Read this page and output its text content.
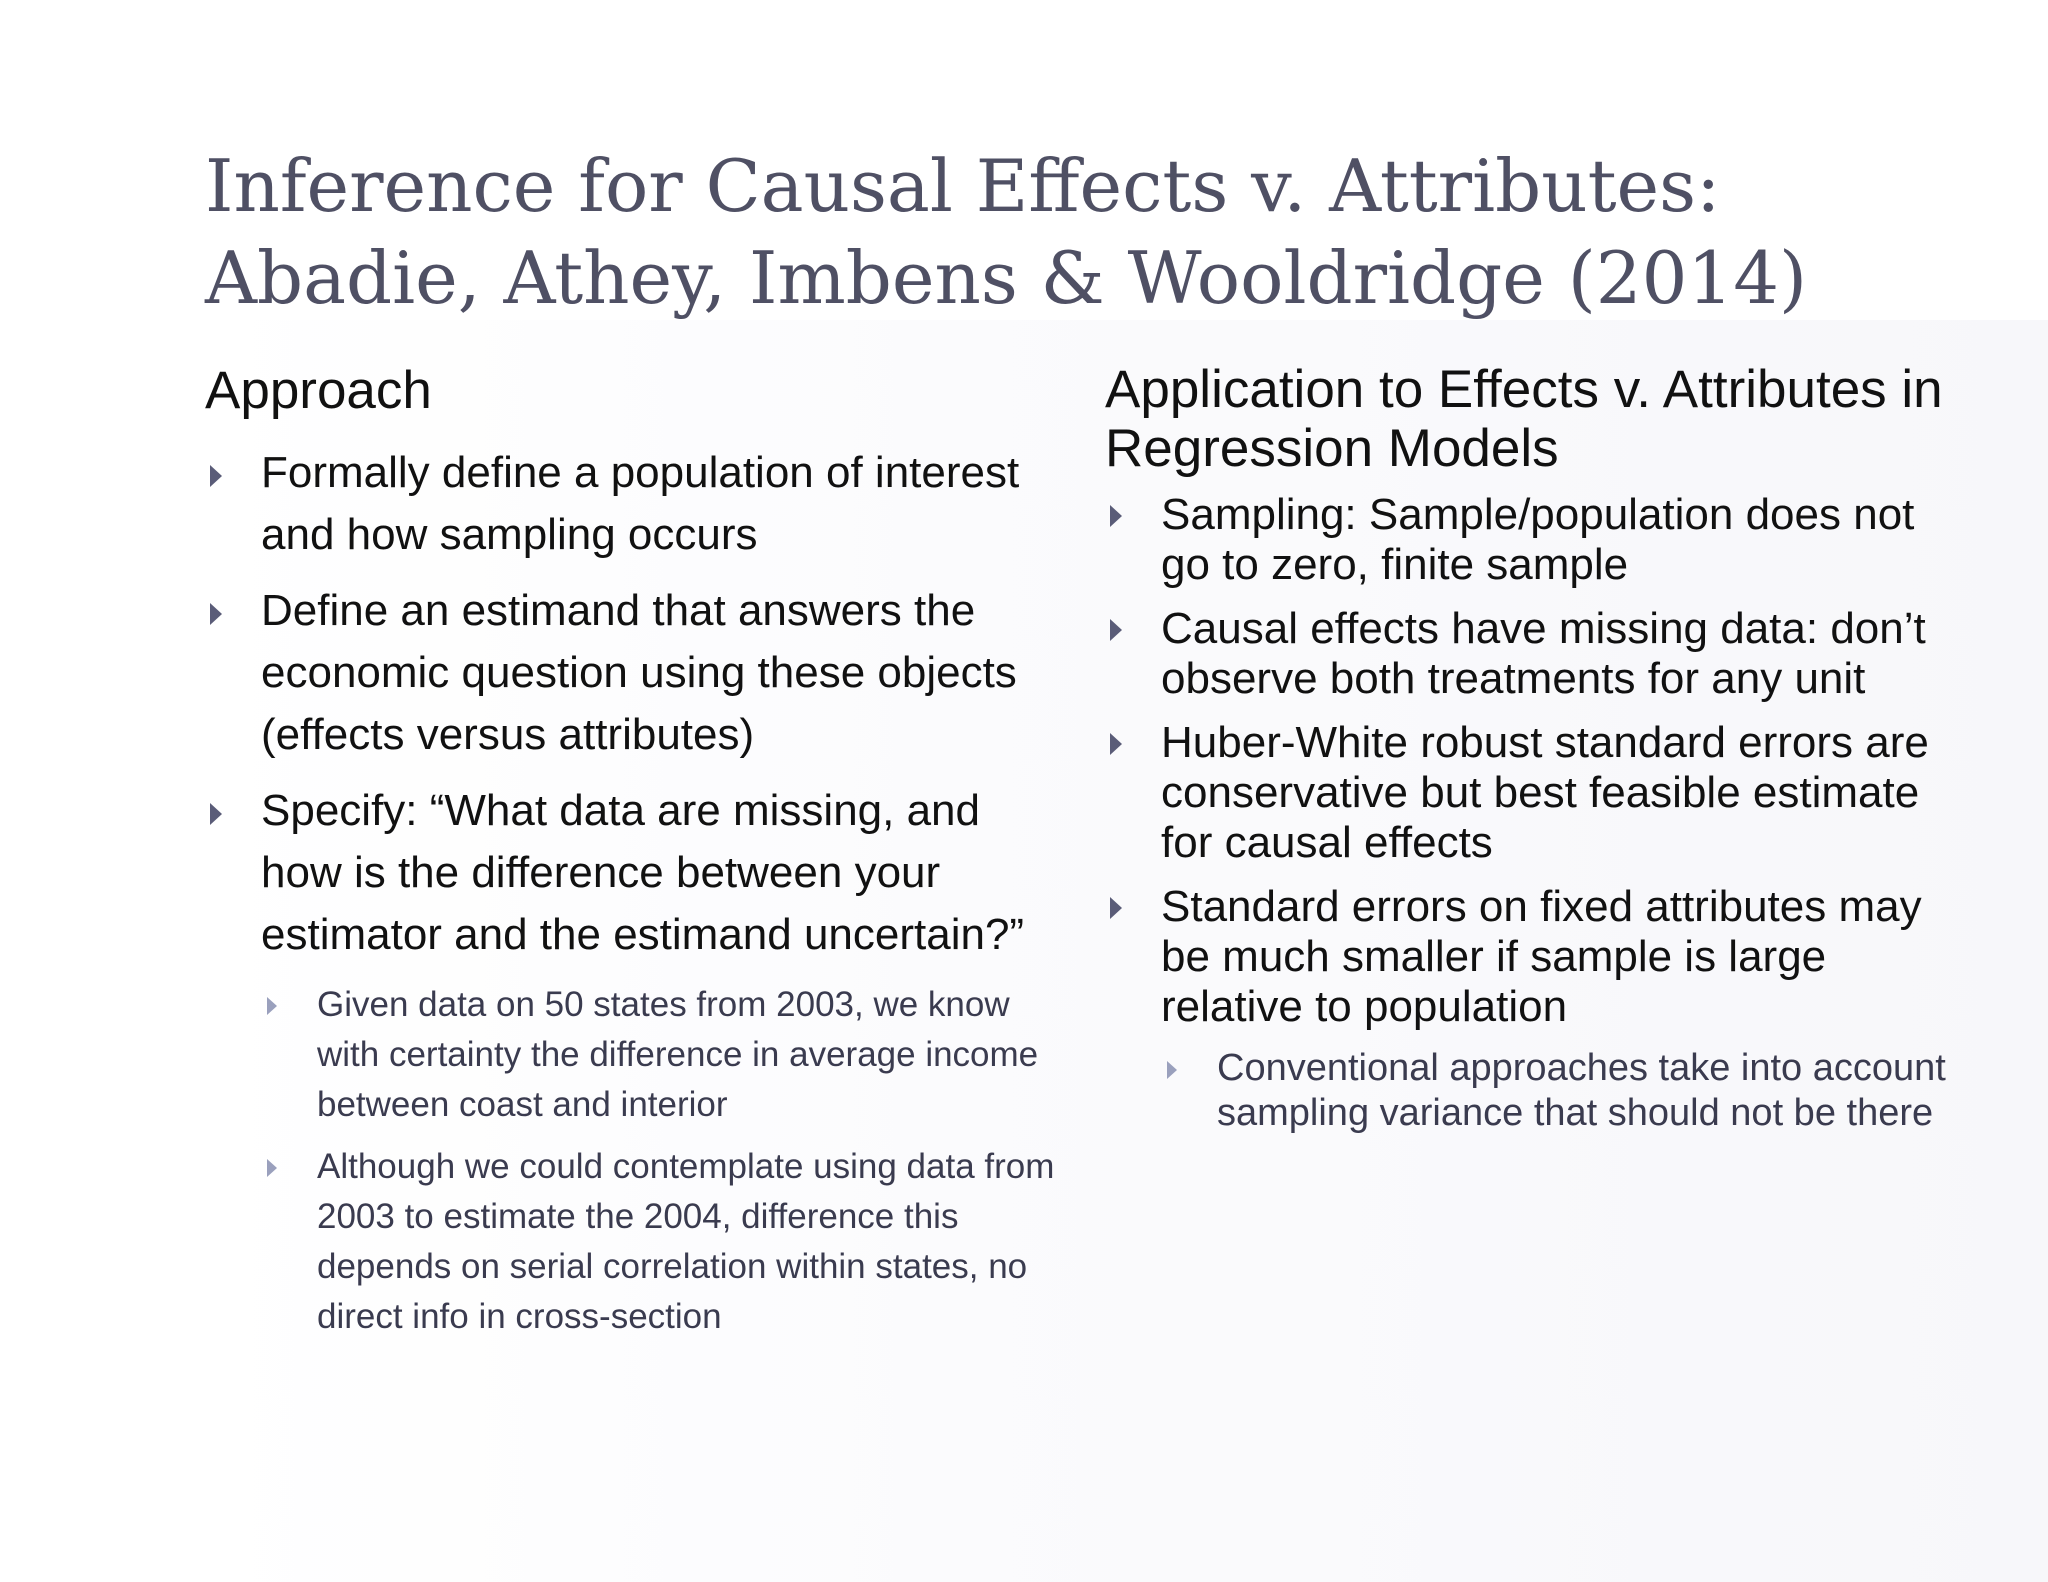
Inference for Causal Effects v. Attributes:
Abadie, Athey, Imbens & Wooldridge (2014)
Approach
Formally define a population of interest and how sampling occurs
Define an estimand that answers the economic question using these objects (effects versus attributes)
Specify: “What data are missing, and how is the difference between your estimator and the estimand uncertain?”
Given data on 50 states from 2003, we know with certainty the difference in average income between coast and interior
Although we could contemplate using data from 2003 to estimate the 2004, difference this depends on serial correlation within states, no direct info in cross-section
Application to Effects v. Attributes in Regression Models
Sampling: Sample/population does not go to zero, finite sample
Causal effects have missing data: don’t observe both treatments for any unit
Huber-White robust standard errors are conservative but best feasible estimate for causal effects
Standard errors on fixed attributes may be much smaller if sample is large relative to population
Conventional approaches take into account sampling variance that should not be there
